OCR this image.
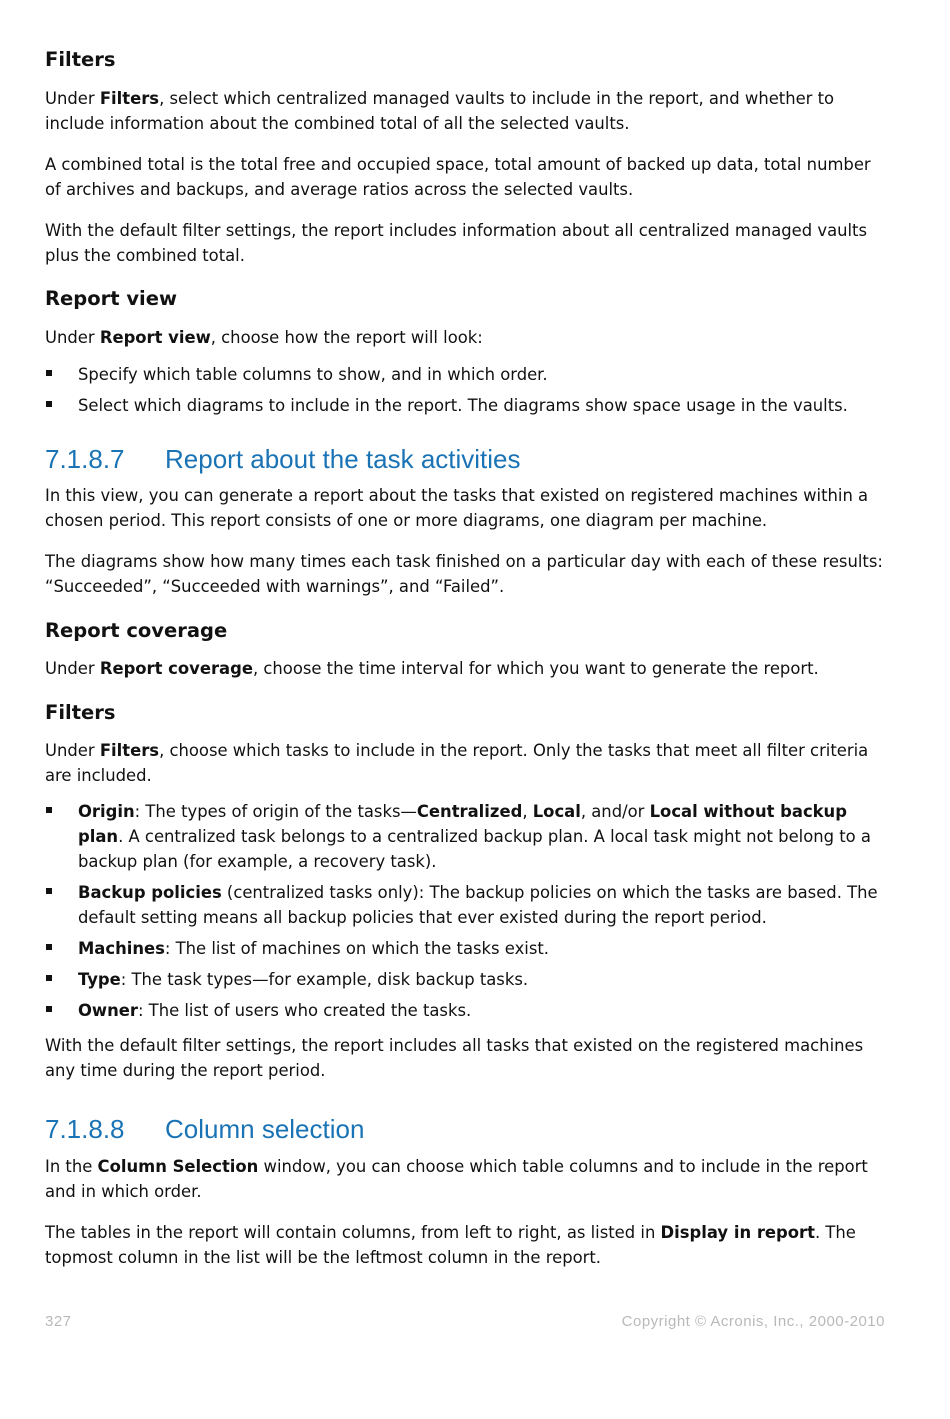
Filters

Under Filters, select which centralized managed vaults to include in the report, and whether to include information about the combined total of all the selected vaults.

A combined total is the total free and occupied space, total amount of backed up data, total number of archives and backups, and average ratios across the selected vaults.

With the default filter settings, the report includes information about all centralized managed vaults plus the combined total.

Report view

Under Report view, choose how the report will look:

Specify which table columns to show, and in which order.
Select which diagrams to include in the report. The diagrams show space usage in the vaults.
7.1.8.7 Report about the task activities

In this view, you can generate a report about the tasks that existed on registered machines within a chosen period. This report consists of one or more diagrams, one diagram per machine.

The diagrams show how many times each task finished on a particular day with each of these results: “Succeeded”, “Succeeded with warnings”, and “Failed”.

Report coverage

Under Report coverage, choose the time interval for which you want to generate the report.

Filters

Under Filters, choose which tasks to include in the report. Only the tasks that meet all filter criteria are included.

Origin: The types of origin of the tasks—Centralized, Local, and/or Local without backup plan. A centralized task belongs to a centralized backup plan. A local task might not belong to a backup plan (for example, a recovery task).
Backup policies (centralized tasks only): The backup policies on which the tasks are based. The default setting means all backup policies that ever existed during the report period.
Machines: The list of machines on which the tasks exist.
Type: The task types—for example, disk backup tasks.
Owner: The list of users who created the tasks.

With the default filter settings, the report includes all tasks that existed on the registered machines any time during the report period.

7.1.8.8 Column selection

In the Column Selection window, you can choose which table columns and to include in the report and in which order.

The tables in the report will contain columns, from left to right, as listed in Display in report. The topmost column in the list will be the leftmost column in the report.

327	Copyright © Acronis, Inc., 2000-2010
